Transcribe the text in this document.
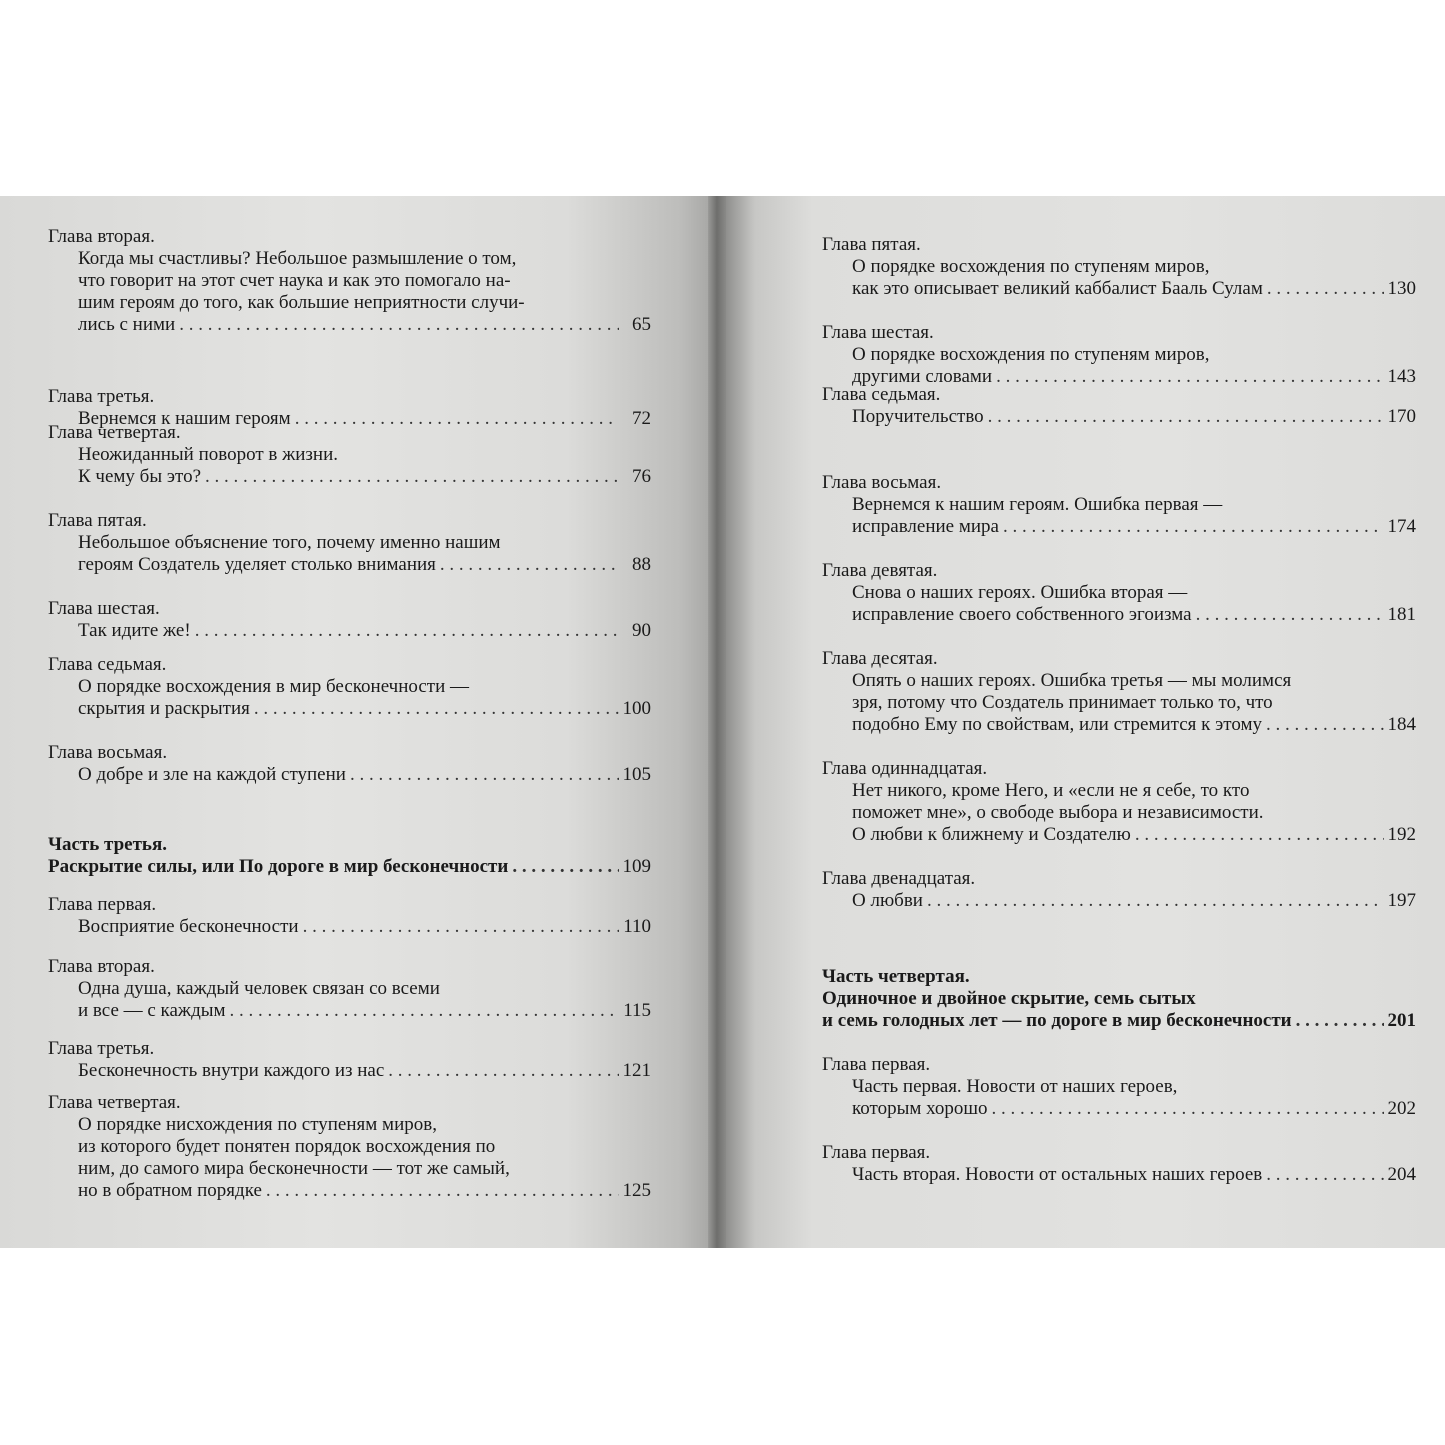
Глава вторая.
Когда мы счастливы? Небольшое размышление о том,
что говорит на этот счет наука и как это помогало на-
шим героям до того, как большие неприятности случи-
лись с ними . . .	65
Глава третья.
Вернемся к нашим героям . . .	72
Глава четвертая.
Неожиданный поворот в жизни.
К чему бы это? . . .	76
Глава пятая.
Небольшое объяснение того, почему именно нашим
героям Создатель уделяет столько внимания . . .	88
Глава шестая.
Так идите же! . . .	90
Глава седьмая.
О порядке восхождения в мир бесконечности —
скрытия и раскрытия . . .	100
Глава восьмая.
О добре и зле на каждой ступени . . .	105
Часть третья.
Раскрытие силы, или По дороге в мир бесконечности . . .	109
Глава первая.
Восприятие бесконечности . . .	110
Глава вторая.
Одна душа, каждый человек связан со всеми
и все — с каждым . . .	115
Глава третья.
Бесконечность внутри каждого из нас . . .	121
Глава четвертая.
О порядке нисхождения по ступеням миров,
из которого будет понятен порядок восхождения по
ним, до самого мира бесконечности — тот же самый,
но в обратном порядке . . .	125
Глава пятая.
О порядке восхождения по ступеням миров,
как это описывает великий каббалист Бааль Сулам . . .	130
Глава шестая.
О порядке восхождения по ступеням миров,
другими словами . . .	143
Глава седьмая.
Поручительство . . .	170
Глава восьмая.
Вернемся к нашим героям. Ошибка первая —
исправление мира . . .	174
Глава девятая.
Снова о наших героях. Ошибка вторая —
исправление своего собственного эгоизма . . .	181
Глава десятая.
Опять о наших героях. Ошибка третья — мы молимся
зря, потому что Создатель принимает только то, что
подобно Ему по свойствам, или стремится к этому . . .	184
Глава одиннадцатая.
Нет никого, кроме Него, и «если не я себе, то кто
поможет мне», о свободе выбора и независимости.
О любви к ближнему и Создателю . . .	192
Глава двенадцатая.
О любви . . .	197
Часть четвертая.
Одиночное и двойное скрытие, семь сытых
и семь голодных лет — по дороге в мир бесконечности . . .	201
Глава первая.
Часть первая. Новости от наших героев,
которым хорошо . . .	202
Глава первая.
Часть вторая. Новости от остальных наших героев . . .	204
